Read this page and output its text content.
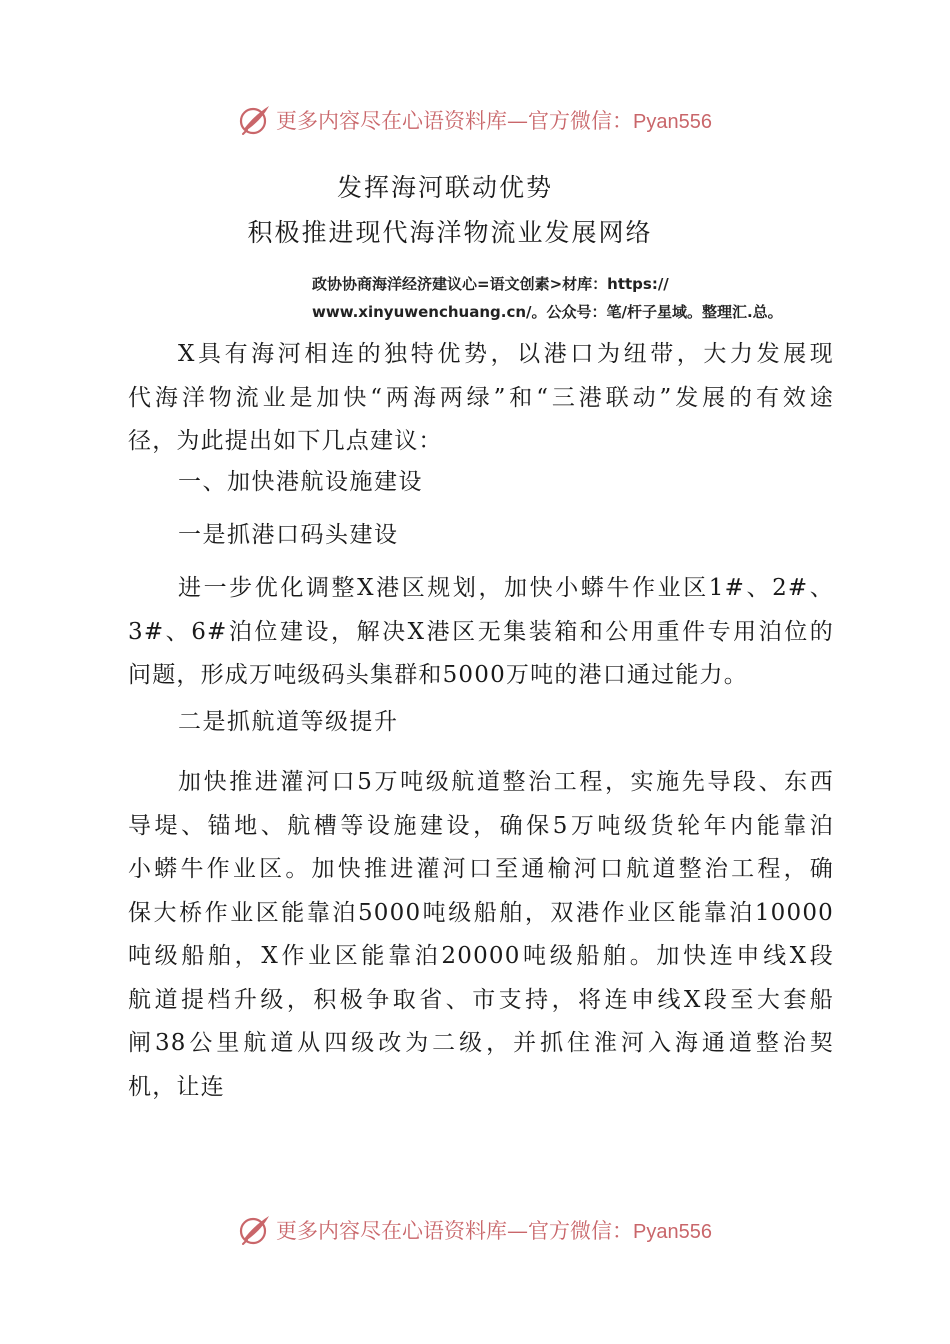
更多内容尽在心语资料库—官方微信：Pyan556
发挥海河联动优势
积极推进现代海洋物流业发展网络
政协协商海洋经济建议心=语文创素>材库：https://
www.xinyuwenchuang.cn/。公众号：笔/杆子星域。整理汇.总。
X具有海河相连的独特优势，以港口为纽带，大力发展现
代海洋物流业是加快“两海两绿”和“三港联动”发展的有效途
径，为此提出如下几点建议：
一、加快港航设施建设
一是抓港口码头建设
进一步优化调整X港区规划，加快小蟒牛作业区1#、2#、
3#、6#泊位建设，解决X港区无集装箱和公用重件专用泊位的
问题，形成万吨级码头集群和5000万吨的港口通过能力。
二是抓航道等级提升
加快推进灌河口5万吨级航道整治工程，实施先导段、东西
导堤、锚地、航槽等设施建设，确保5万吨级货轮年内能靠泊
小蟒牛作业区。加快推进灌河口至通榆河口航道整治工程，确
保大桥作业区能靠泊5000吨级船舶，双港作业区能靠泊10000
吨级船舶，X作业区能靠泊20000吨级船舶。加快连申线X段
航道提档升级，积极争取省、市支持，将连申线X段至大套船
闸38公里航道从四级改为二级，并抓住淮河入海通道整治契
机，让连
更多内容尽在心语资料库—官方微信：Pyan556
